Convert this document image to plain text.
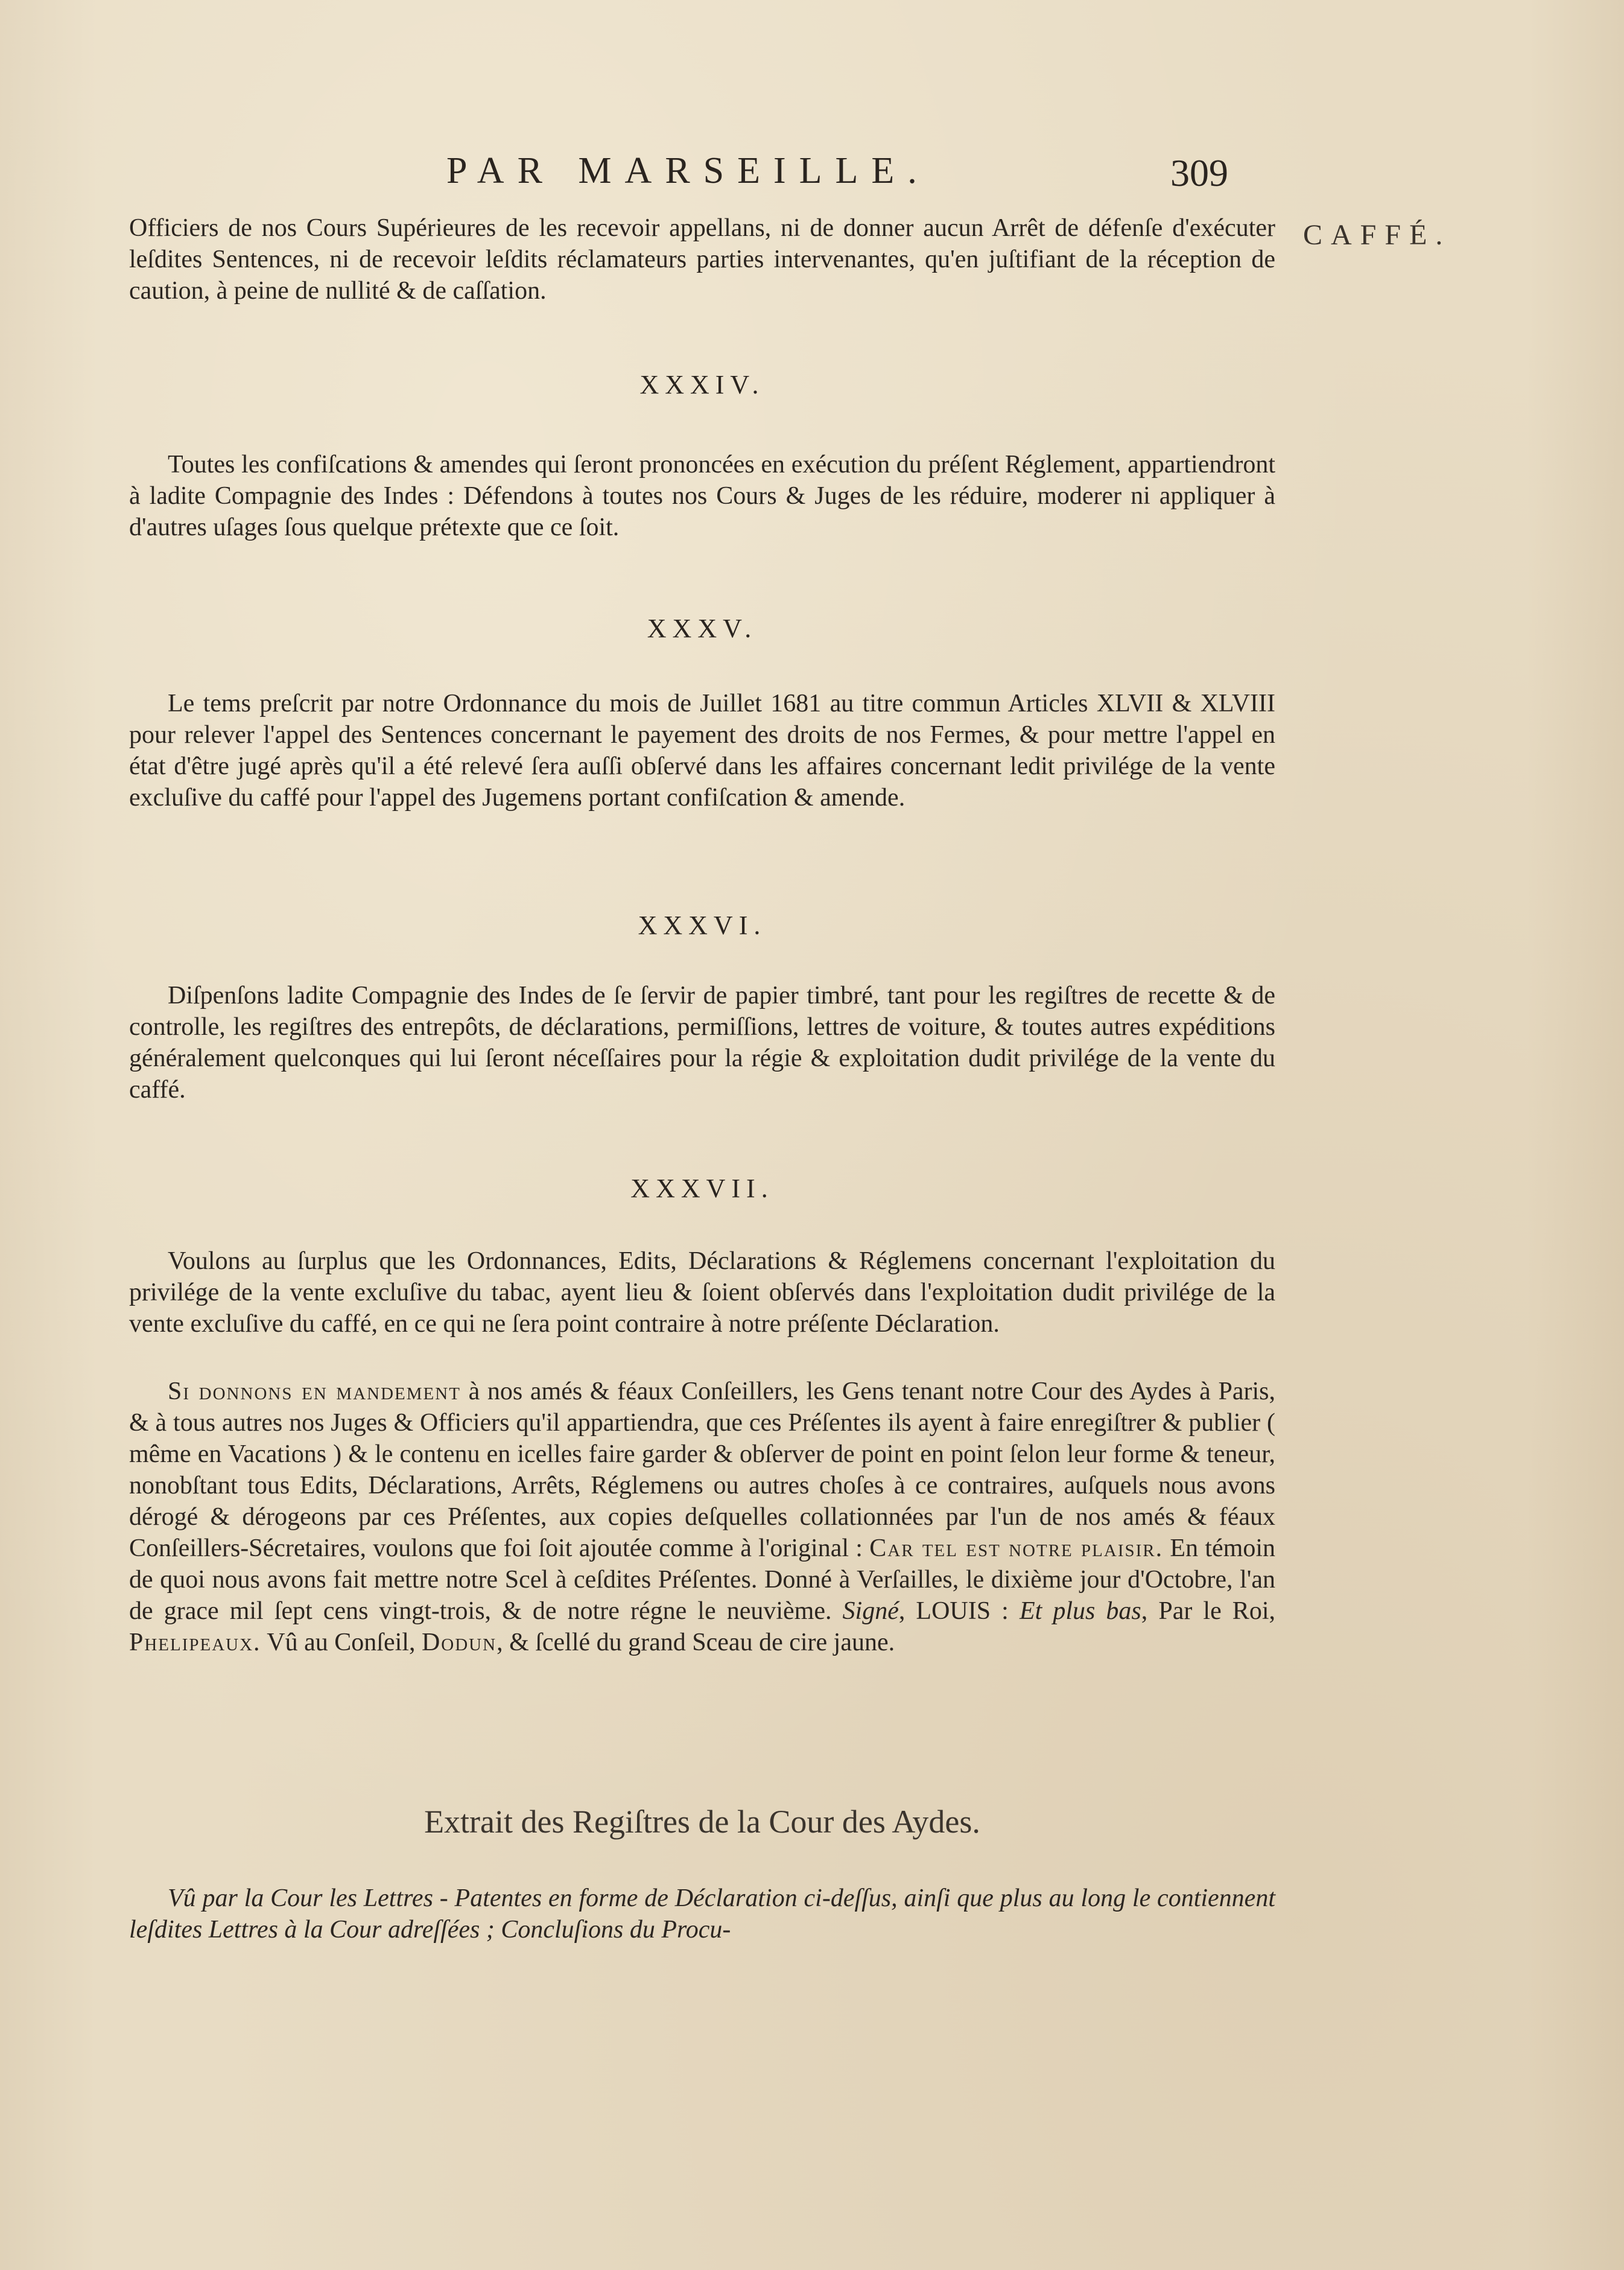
PAR MARSEILLE.	309
CAFFÉ.

Officiers de nos Cours Supérieures de les recevoir appellans, ni de donner aucun Arrêt de défenſe d'exécuter leſdites Sentences, ni de recevoir leſdits réclamateurs parties intervenantes, qu'en juſtifiant de la réception de caution, à peine de nullité & de caſſation.

XXXIV.

Toutes les confiſcations & amendes qui ſeront prononcées en exécution du préſent Réglement, appartiendront à ladite Compagnie des Indes : Défendons à toutes nos Cours & Juges de les réduire, moderer ni appliquer à d'autres uſages ſous quelque prétexte que ce ſoit.

XXXV.

Le tems preſcrit par notre Ordonnance du mois de Juillet 1681 au titre commun Articles XLVII & XLVIII pour relever l'appel des Sentences concernant le payement des droits de nos Fermes, & pour mettre l'appel en état d'être jugé après qu'il a été relevé ſera auſſi obſervé dans les affaires concernant ledit privilége de la vente excluſive du caffé pour l'appel des Jugemens portant confiſcation & amende.

XXXVI.

Diſpenſons ladite Compagnie des Indes de ſe ſervir de papier timbré, tant pour les regiſtres de recette & de controlle, les regiſtres des entrepôts, de déclarations, permiſſions, lettres de voiture, & toutes autres expéditions généralement quelconques qui lui ſeront néceſſaires pour la régie & exploitation dudit privilége de la vente du caffé.

XXXVII.

Voulons au ſurplus que les Ordonnances, Edits, Déclarations & Réglemens concernant l'exploitation du privilége de la vente excluſive du tabac, ayent lieu & ſoient obſervés dans l'exploitation dudit privilége de la vente excluſive du caffé, en ce qui ne ſera point contraire à notre préſente Déclaration.

Si donnons en mandement à nos amés & féaux Conſeillers, les Gens tenant notre Cour des Aydes à Paris, & à tous autres nos Juges & Officiers qu'il appartiendra, que ces Préſentes ils ayent à faire enregiſtrer & publier ( même en Vacations ) & le contenu en icelles faire garder & obſerver de point en point ſelon leur forme & teneur, nonobſtant tous Edits, Déclarations, Arrêts, Réglemens ou autres choſes à ce contraires, auſquels nous avons dérogé & dérogeons par ces Préſentes, aux copies deſquelles collationnées par l'un de nos amés & féaux Conſeillers-Sécretaires, voulons que foi ſoit ajoutée comme à l'original : Car tel est notre plaisir. En témoin de quoi nous avons fait mettre notre Scel à ceſdites Préſentes. Donné à Verſailles, le dixième jour d'Octobre, l'an de grace mil ſept cens vingt-trois, & de notre régne le neuvième. Signé, LOUIS : Et plus bas, Par le Roi, Phelipeaux. Vû au Conſeil, Dodun, & ſcellé du grand Sceau de cire jaune.

Extrait des Regiſtres de la Cour des Aydes.

Vû par la Cour les Lettres - Patentes en forme de Déclaration ci-deſſus, ainſi que plus au long le contiennent leſdites Lettres à la Cour adreſſées ; Concluſions du Procu-
